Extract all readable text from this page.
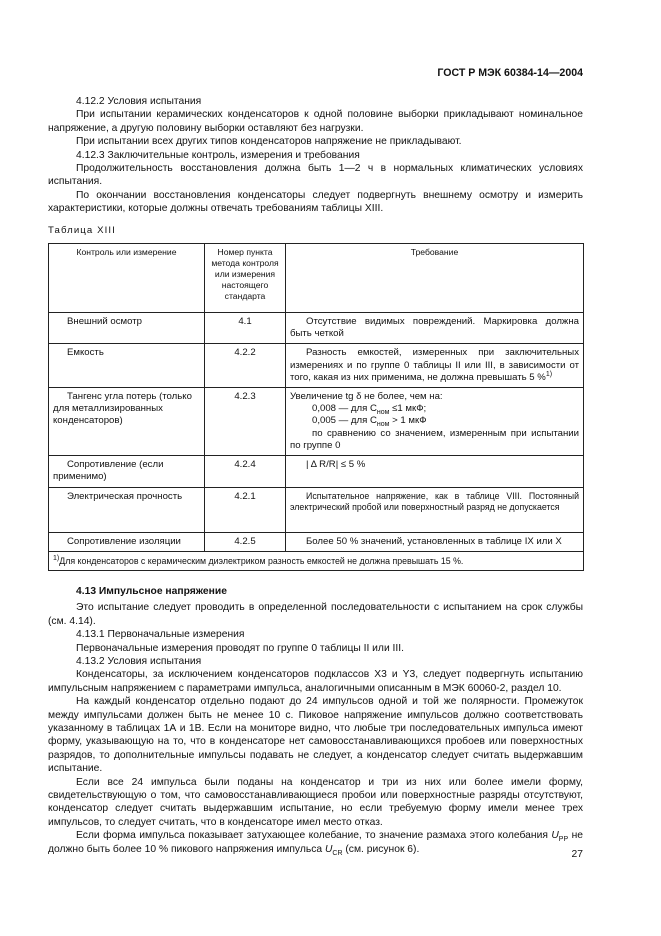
ГОСТ Р МЭК 60384-14—2004

4.12.2 Условия испытания

При испытании керамических конденсаторов к одной половине выборки прикладывают номинальное напряжение, а другую половину выборки оставляют без нагрузки.

При испытании всех других типов конденсаторов напряжение не прикладывают.

4.12.3 Заключительные контроль, измерения и требования

Продолжительность восстановления должна быть 1—2 ч в нормальных климатических условиях испытания.

По окончании восстановления конденсаторы следует подвергнуть внешнему осмотру и измерить характеристики, которые должны отвечать требованиям таблицы XIII.

Таблица XIII
Контроль или измерение	Номер пункта метода контроля или измерения настоящего стандарта	Требование
Внешний осмотр	4.1	Отсутствие видимых повреждений. Маркировка должна быть четкой
Емкость	4.2.2	Разность емкостей, измеренных при заключительных измерениях и по группе 0 таблицы II или III, в зависимости от того, какая из них применима, не должна превышать 5 %$^{1)}$
Тангенс угла потерь (только для металлизированных конденсаторов)	4.2.3	Увеличение tg δ не более, чем на:
0,008 — для $C_{ном} \le 1$ мкФ;
0,005 — для $C_{ном} > 1$ мкФ
по сравнению со значением, измеренным при испытании по группе 0

Сопротивление (если применимо)	4.2.4	| Δ R/R| ≤ 5 %
Электрическая прочность	4.2.1	Испытательное напряжение, как в таблице VIII. Постоянный электрический пробой или поверхностный разряд не допускается
Сопротивление изоляции	4.2.5	Более 50 % значений, установленных в таблице IX или X
$^{1)}$Для конденсаторов с керамическим диэлектриком разность емкостей не должна превышать 15 %.		

4.13 Импульсное напряжение

Это испытание следует проводить в определенной последовательности с испытанием на срок службы (см. 4.14).

4.13.1 Первоначальные измерения

Первоначальные измерения проводят по группе 0 таблицы II или III.

4.13.2 Условия испытания

Конденсаторы, за исключением конденсаторов подклассов X3 и Y3, следует подвергнуть испытанию импульсным напряжением с параметрами импульса, аналогичными описанным в МЭК 60060-2, раздел 10.

На каждый конденсатор отдельно подают до 24 импульсов одной и той же полярности. Промежуток между импульсами должен быть не менее 10 с. Пиковое напряжение импульсов должно соответствовать указанному в таблицах 1А и 1В. Если на мониторе видно, что любые три последовательных импульса имеют форму, указывающую на то, что в конденсаторе нет самовосстанавливающихся пробоев или поверхностных разрядов, то дополнительные импульсы подавать не следует, а конденсатор следует считать выдержавшим испытание.

Если все 24 импульса были поданы на конденсатор и три из них или более имели форму, свидетельствующую о том, что самовосстанавливающиеся пробои или поверхностные разряды отсутствуют, конденсатор следует считать выдержавшим испытание, но если требуемую форму имели менее трех импульсов, то следует считать, что в конденсаторе имел место отказ.

Если форма импульса показывает затухающее колебание, то значение размаха этого колебания $U_{PP}$ не должно быть более 10 % пикового напряжения импульса $U_{CR}$ (см. рисунок 6).	27
